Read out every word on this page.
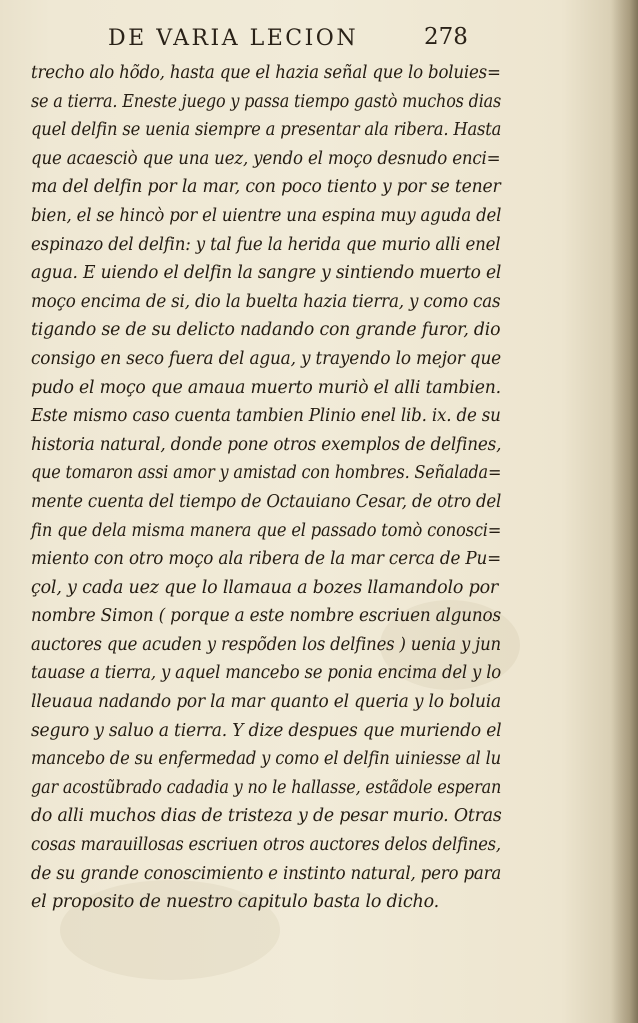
DE VARIA LECION	278
trecho alo hõdo, hasta que el hazia señal que lo boluies=
se a tierra. Eneste juego y passa tiempo gastò muchos dias
quel delfin se uenia siempre a presentar ala ribera. Hasta
que acaesciò que una uez, yendo el moço desnudo enci=
ma del delfin por la mar, con poco tiento y por se tener
bien, el se hincò por el uientre una espina muy aguda del
espinazo del delfin: y tal fue la herida que murio alli enel
agua. E uiendo el delfin la sangre y sintiendo muerto el
moço encima de si, dio la buelta hazia tierra, y como cas
tigando se de su delicto nadando con grande furor, dio
consigo en seco fuera del agua, y trayendo lo mejor que
pudo el moço que amaua muerto muriò el alli tambien.
Este mismo caso cuenta tambien Plinio enel lib. ix. de su
historia natural, donde pone otros exemplos de delfines,
que tomaron assi amor y amistad con hombres. Señalada=
mente cuenta del tiempo de Octauiano Cesar, de otro del
fin que dela misma manera que el passado tomò conosci=
miento con otro moço ala ribera de la mar cerca de Pu=
çol, y cada uez que lo llamaua a bozes llamandolo por
nombre Simon ( porque a este nombre escriuen algunos
auctores que acuden y respõden los delfines ) uenia y jun
tauase a tierra, y aquel mancebo se ponia encima del y lo
lleuaua nadando por la mar quanto el queria y lo boluia
seguro y saluo a tierra. Y dize despues que muriendo el
mancebo de su enfermedad y como el delfin uiniesse al lu
gar acostũbrado cadadia y no le hallasse, estãdole esperan
do alli muchos dias de tristeza y de pesar murio. Otras
cosas marauillosas escriuen otros auctores delos delfines,
de su grande conoscimiento e instinto natural, pero para
el proposito de nuestro capitulo basta lo dicho.
